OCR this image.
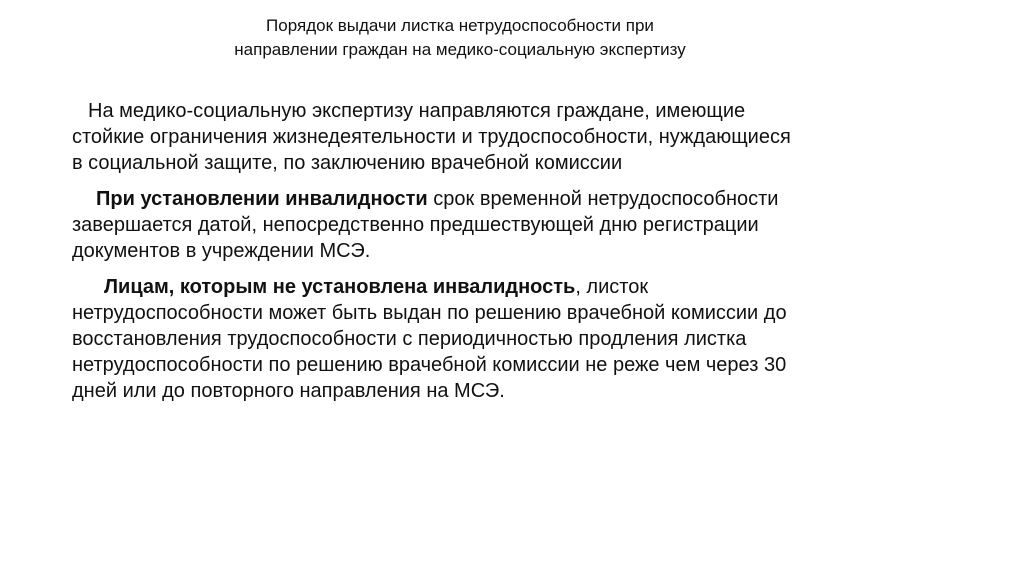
Порядок выдачи листка нетрудоспособности при
направлении граждан на медико-социальную экспертизу

На медико-социальную экспертизу направляются граждане, имеющие стойкие ограничения жизнедеятельности и трудоспособности, нуждающиеся в социальной защите, по заключению врачебной комиссии

При установлении инвалидности срок временной нетрудоспособности завершается датой, непосредственно предшествующей дню регистрации документов в учреждении МСЭ.

Лицам, которым не установлена инвалидность, листок нетрудоспособности может быть выдан по решению врачебной комиссии до восстановления трудоспособности с периодичностью продления листка нетрудоспособности по решению врачебной комиссии не реже чем через 30 дней или до повторного направления на МСЭ.
